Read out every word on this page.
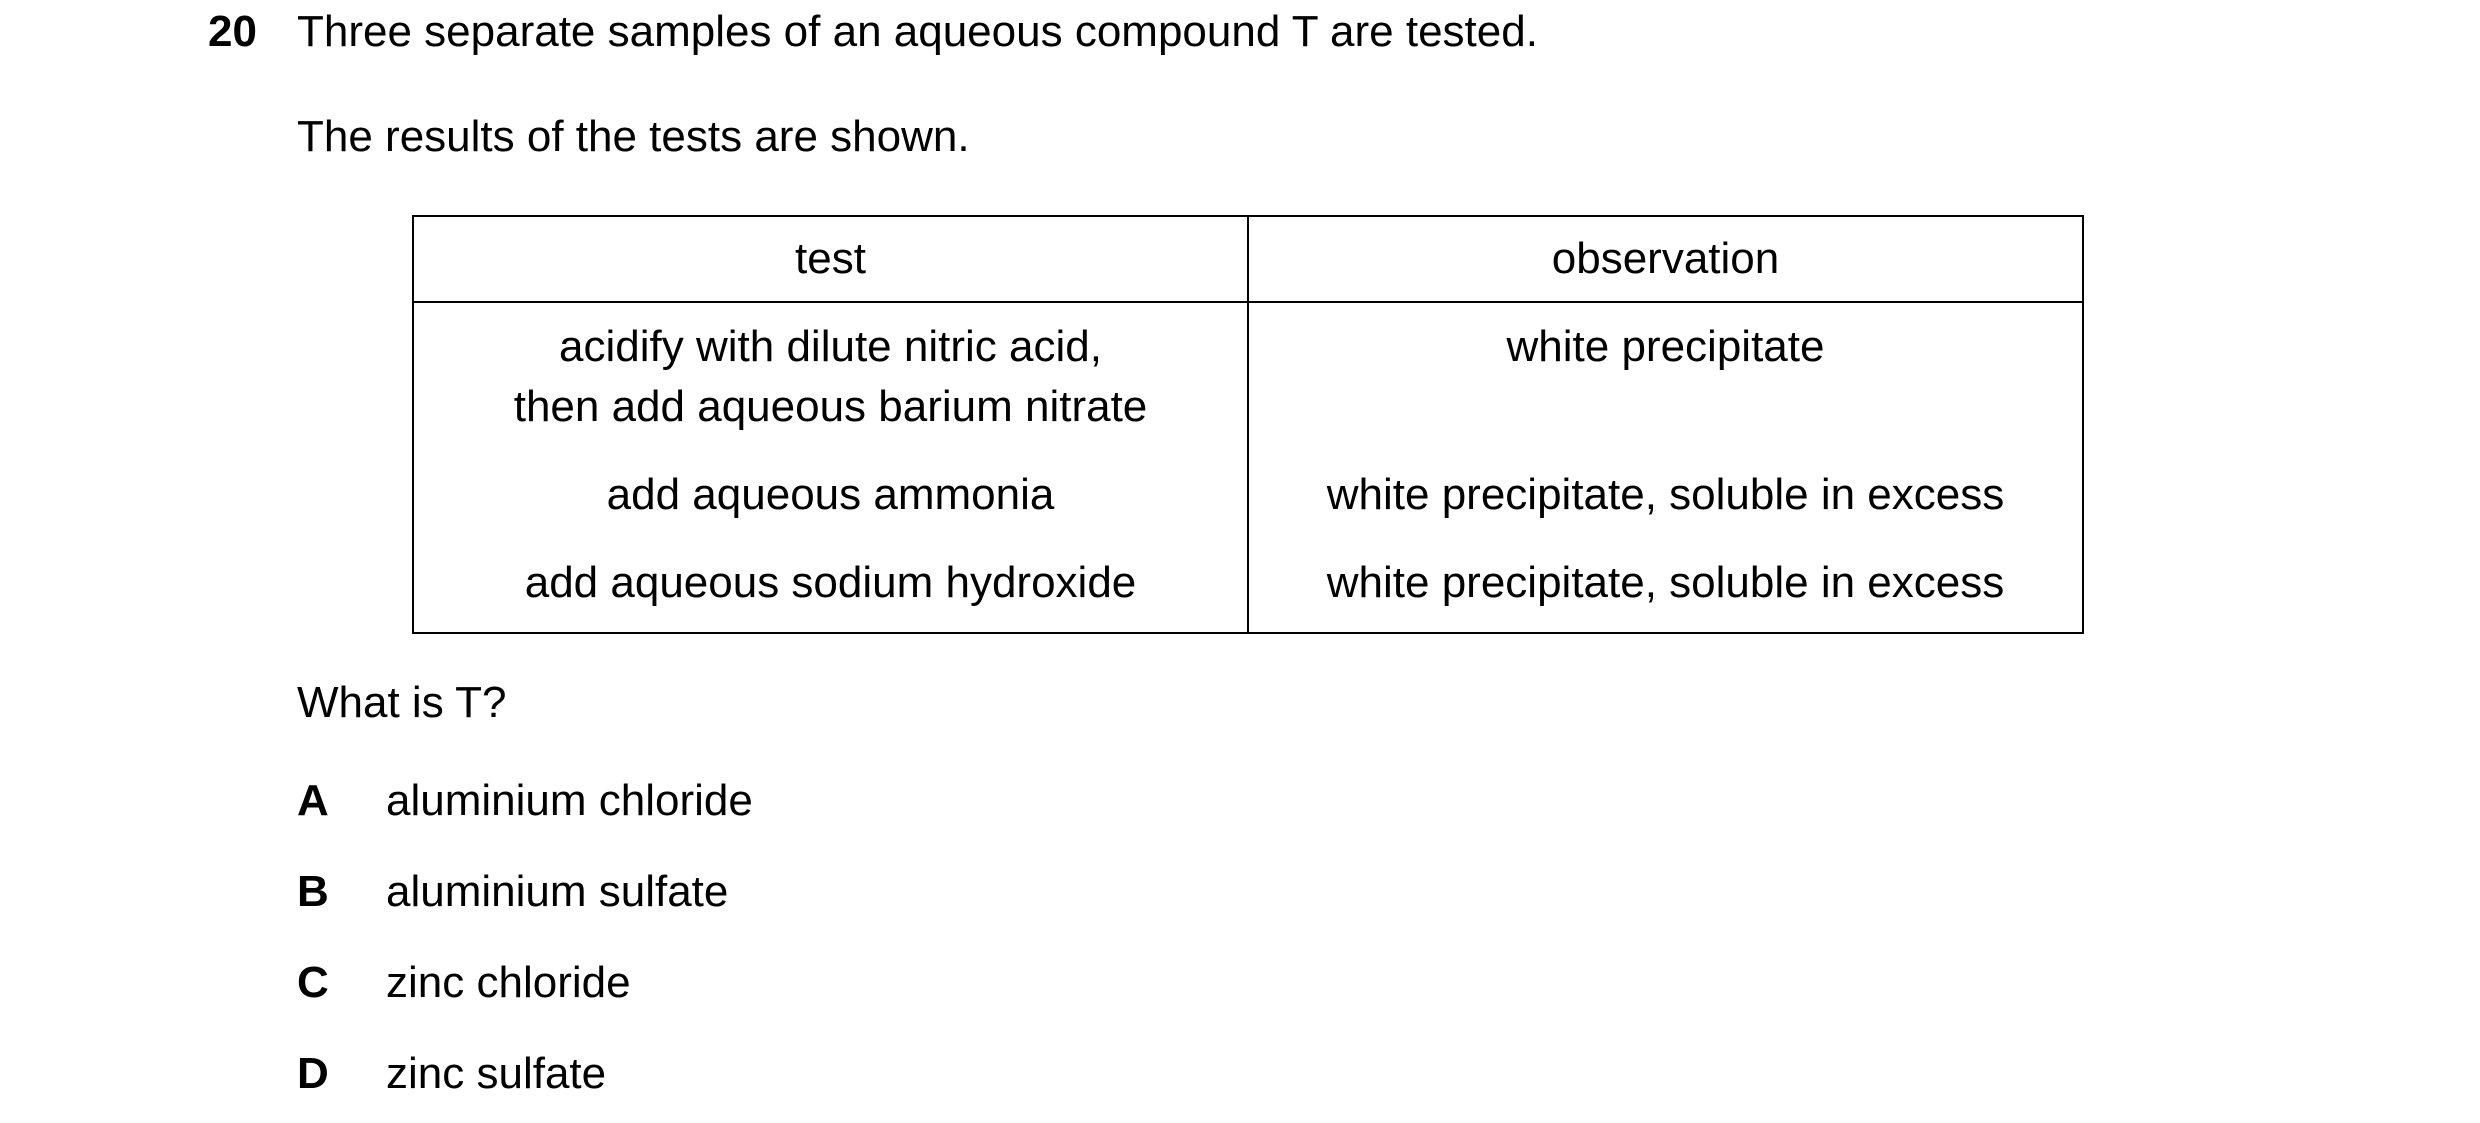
20 Three separate samples of an aqueous compound T are tested.
The results of the tests are shown.
test	observation

acidify with dilute nitric acid,
then add aqueous barium nitrate	white precipitate

add aqueous ammonia	white precipitate, soluble in excess

add aqueous sodium hydroxide	white precipitate, soluble in excess
What is T?
A aluminium chloride
B aluminium sulfate
C zinc chloride
D zinc sulfate
